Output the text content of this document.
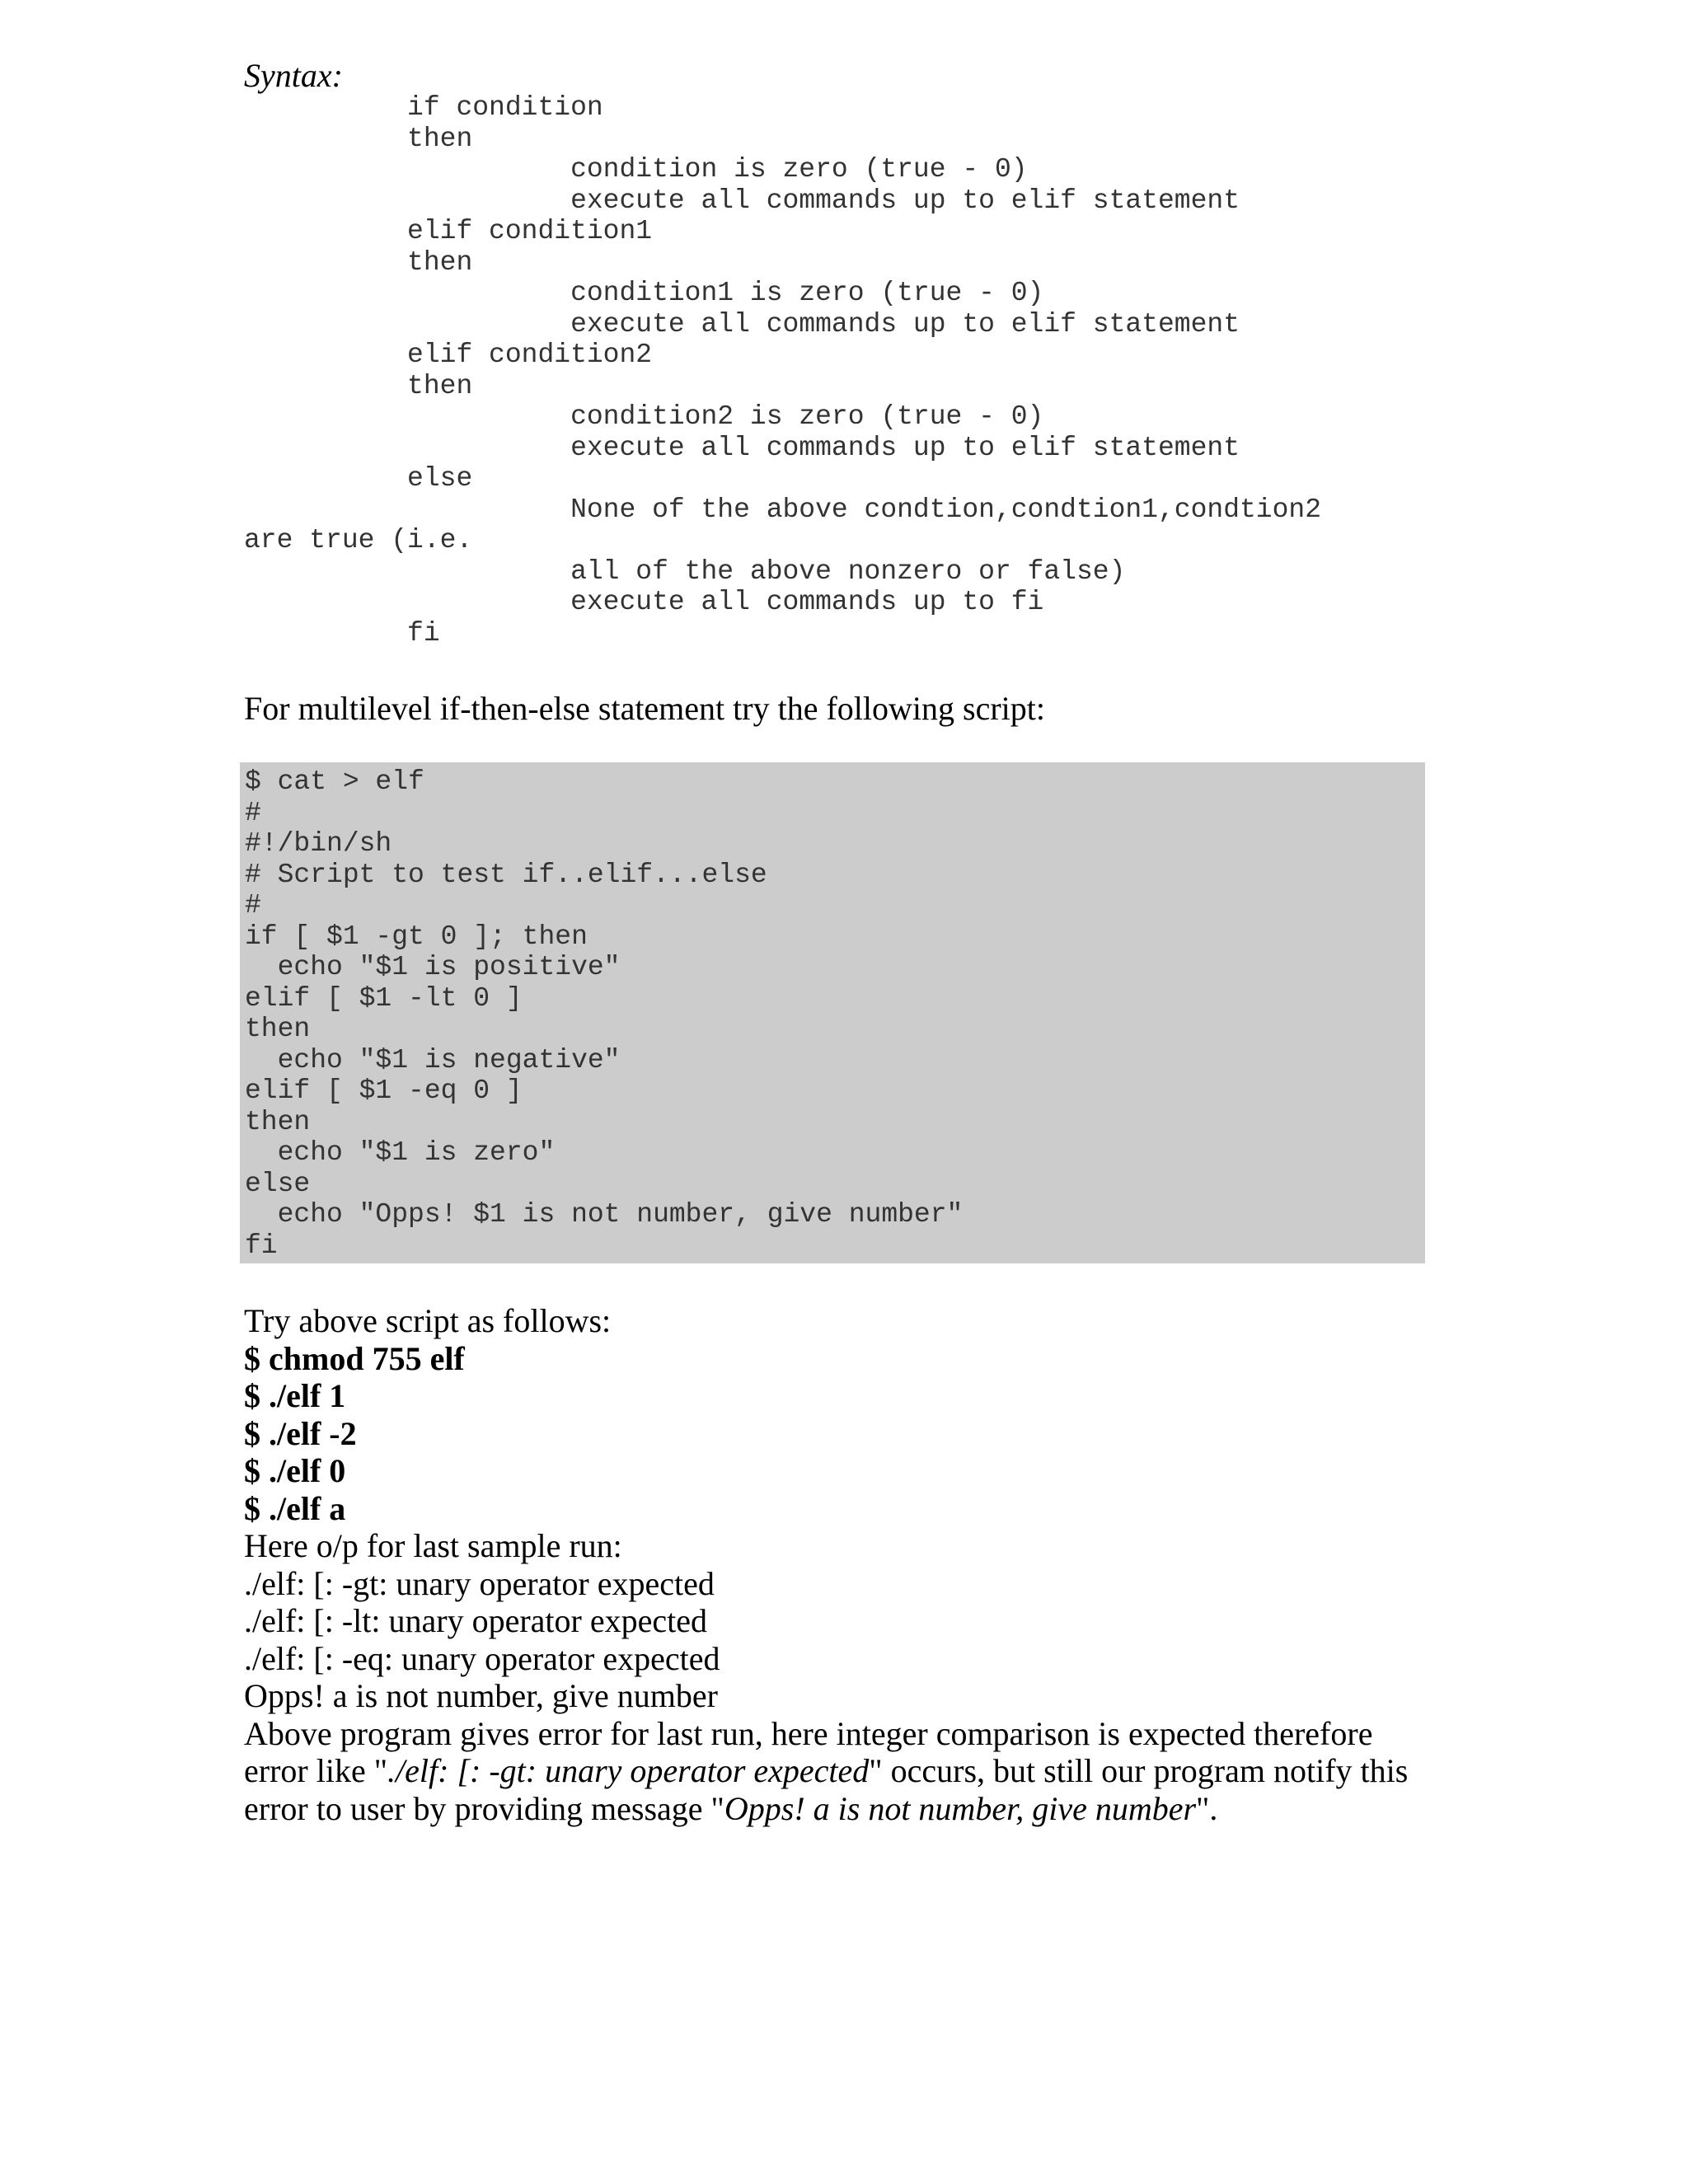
Syntax:

if condition
then
condition is zero (true - 0)
execute all commands up to elif statement
elif condition1
then
condition1 is zero (true - 0)
execute all commands up to elif statement
elif condition2
then
condition2 is zero (true - 0)
execute all commands up to elif statement
else
None of the above condtion,condtion1,condtion2
are true (i.e.
all of the above nonzero or false)
execute all commands up to fi
fi

For multilevel if-then-else statement try the following script:

$ cat > elf
#
#!/bin/sh
# Script to test if..elif...else
#
if [ $1 -gt 0 ]; then
echo "$1 is positive"
elif [ $1 -lt 0 ]
then
echo "$1 is negative"
elif [ $1 -eq 0 ]
then
echo "$1 is zero"
else
echo "Opps! $1 is not number, give number"
fi
Try above script as follows:
$ chmod 755 elf
$ ./elf 1
$ ./elf -2
$ ./elf 0
$ ./elf a
Here o/p for last sample run:
./elf: [: -gt: unary operator expected
./elf: [: -lt: unary operator expected
./elf: [: -eq: unary operator expected
Opps! a is not number, give number
Above program gives error for last run, here integer comparison is expected therefore error like "./elf: [: -gt: unary operator expected" occurs, but still our program notify this error to user by providing message "Opps! a is not number, give number".
